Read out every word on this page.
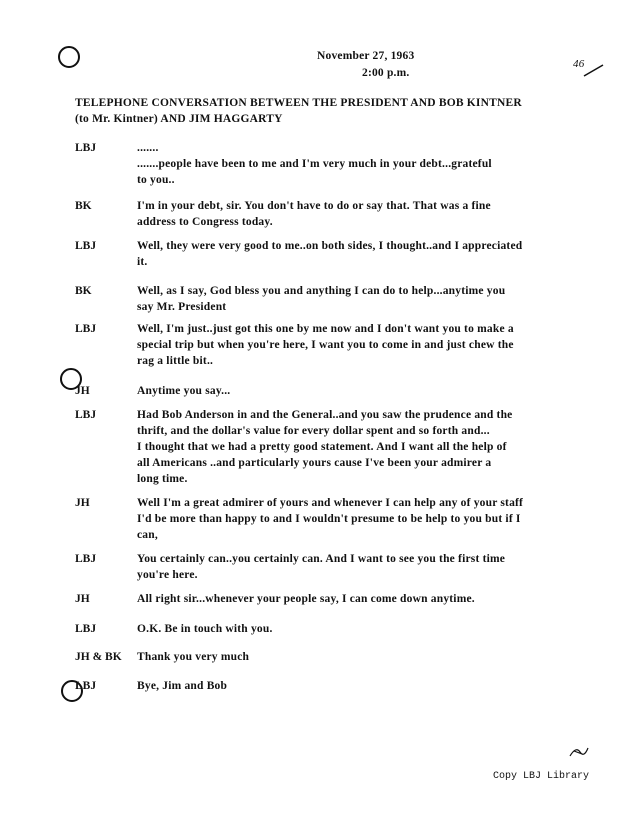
November 27, 1963
2:00 p.m.
46
TELEPHONE CONVERSATION BETWEEN THE PRESIDENT AND BOB KINTNER
(to Mr. Kintner) AND JIM HAGGARTY
LBJ	.......
.......people have been to me and I'm very much in your debt...grateful
to you..
BK	I'm in your debt, sir. You don't have to do or say that. That was a fine
address to Congress today.
LBJ	Well, they were very good to me..on both sides, I thought..and I appreciated
it.
BK	Well, as I say, God bless you and anything I can do to help...anytime you
say Mr. President
LBJ	Well, I'm just..just got this one by me now and I don't want you to make a
special trip but when you're here, I want you to come in and just chew the
rag a little bit..
JH	Anytime you say...
LBJ	Had Bob Anderson in and the General..and you saw the prudence and the
thrift, and the dollar's value for every dollar spent and so forth and...
I thought that we had a pretty good statement. And I want all the help of
all Americans ..and particularly yours cause I've been your admirer a
long time.
JH	Well I'm a great admirer of yours and whenever I can help any of your staff
I'd be more than happy to and I wouldn't presume to be help to you but if I
can,
LBJ	You certainly can..you certainly can. And I want to see you the first time
you're here.
JH	All right sir...whenever your people say, I can come down anytime.
LBJ	O.K. Be in touch with you.
JH & BK Thank you very much
LBJ	Bye, Jim and Bob
Copy LBJ Library
